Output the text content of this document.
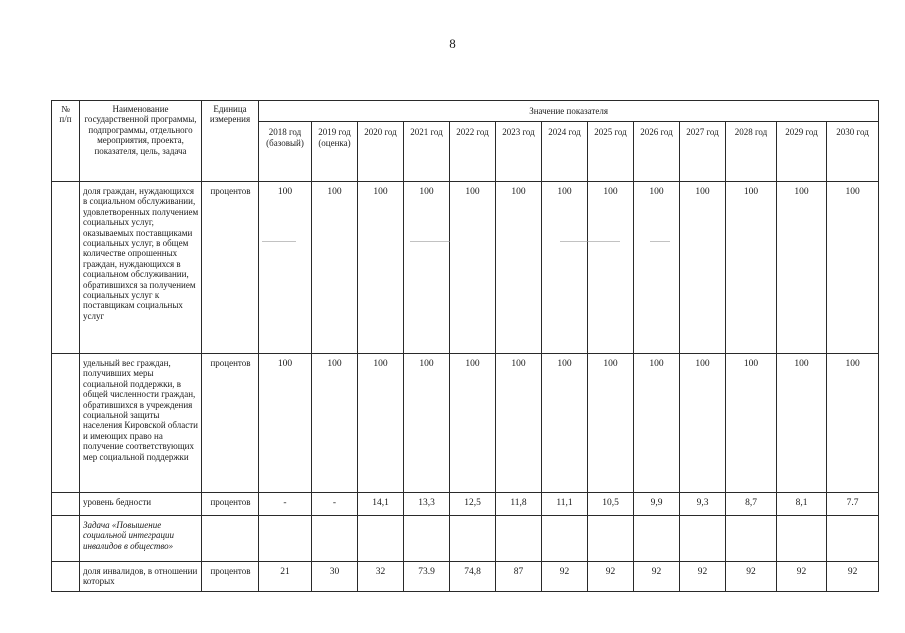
8
№
п/п	Наименование государственной программы, подпрограммы, отдельного мероприятия, проекта, показателя, цель, задача	Единица измерения	Значение показателя												
			2018 год (базовый)	2019 год (оценка)	2020 год	2021 год	2022 год	2023 год	2024 год	2025 год	2026 год	2027 год	2028 год	2029 год	2030 год
	доля граждан, нуждающихся в социальном обслуживании, удовлетворенных получением социальных услуг, оказываемых поставщиками социальных услуг, в общем количестве опрошенных граждан, нуждающихся в социальном обслуживании, обратившихся за получением социальных услуг к поставщикам социальных услуг	процентов	100	100	100	100	100	100	100	100	100	100	100	100	100
	удельный вес граждан, получивших меры социальной поддержки, в общей численности граждан, обратившихся в учреждения социальной защиты населения Кировской области и имеющих право на получение соответствующих мер социальной поддержки	процентов	100	100	100	100	100	100	100	100	100	100	100	100	100
	уровень бедности	процентов	-	-	14,1	13,3	12,5	11,8	11,1	10,5	9,9	9,3	8,7	8,1	7.7
	Задача «Повышение социальной интеграции инвалидов в общество»														
	доля инвалидов, в отношении которых	процентов	21	30	32	73.9	74,8	87	92	92	92	92	92	92	92
